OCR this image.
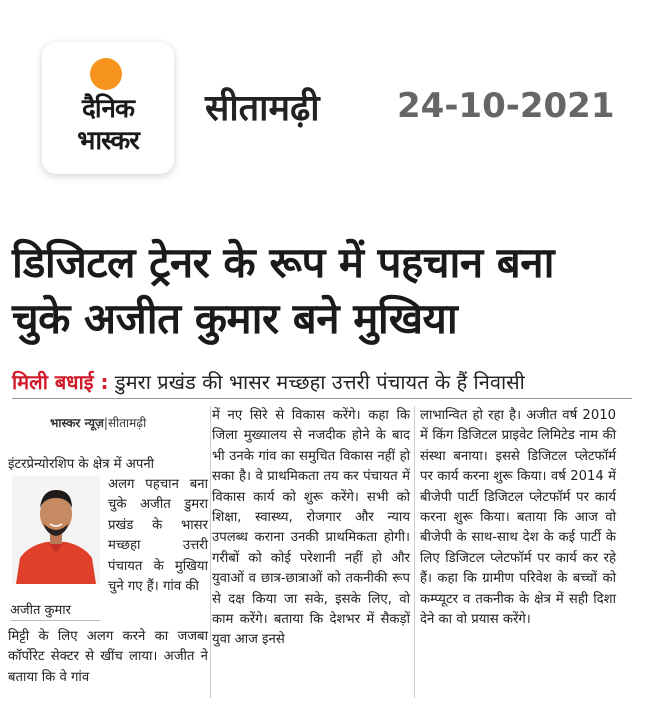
दैनिक
भास्कर
सीतामढ़ी 24-10-2021
डिजिटल ट्रेनर के रूप में पहचान बना
चुके अजीत कुमार बने मुखिया
मिली बधाई : डुमरा प्रखंड की भासर मच्छहा उत्तरी पंचायत के हैं निवासी
भास्कर न्यूज़|सीतामढ़ी
अजीत कुमार
इंटरप्रेन्योरशिप के क्षेत्र में अपनी
अलग पहचान बना चुके अजीत डुमरा प्रखंड के भासर मच्छहा उत्तरी पंचायत के मुखिया चुने गए हैं। गांव की
मिट्टी के लिए अलग करने का जजबा कॉर्पोरेट सेक्टर से खींच लाया। अजीत ने बताया कि वे गांव
में नए सिरे से विकास करेंगे। कहा कि जिला मुख्यालय से नजदीक होने के बाद भी उनके गांव का समुचित विकास नहीं हो सका है। वे प्राथमिकता तय कर पंचायत में विकास कार्य को शुरू करेंगे। सभी को शिक्षा, स्वास्थ्य, रोजगार और न्याय उपलब्ध कराना उनकी प्राथमिकता होगी। गरीबों को कोई परेशानी नहीं हो और युवाओं व छात्र-छात्राओं को तकनीकी रूप से दक्ष किया जा सके, इसके लिए, वो काम करेंगे। बताया कि देशभर में सैकड़ों युवा आज इनसे
लाभान्वित हो रहा है। अजीत वर्ष 2010 में किंग डिजिटल प्राइवेट लिमिटेड नाम की संस्था बनाया। इससे डिजिटल प्लेटफॉर्म पर कार्य करना शुरू किया। वर्ष 2014 में बीजेपी पार्टी डिजिटल प्लेटफॉर्म पर कार्य करना शुरू किया। बताया कि आज वो बीजेपी के साथ-साथ देश के कई पार्टी के लिए डिजिटल प्लेटफॉर्म पर कार्य कर रहे हैं। कहा कि ग्रामीण परिवेश के बच्चों को कम्प्यूटर व तकनीक के क्षेत्र में सही दिशा देने का वो प्रयास करेंगे।
